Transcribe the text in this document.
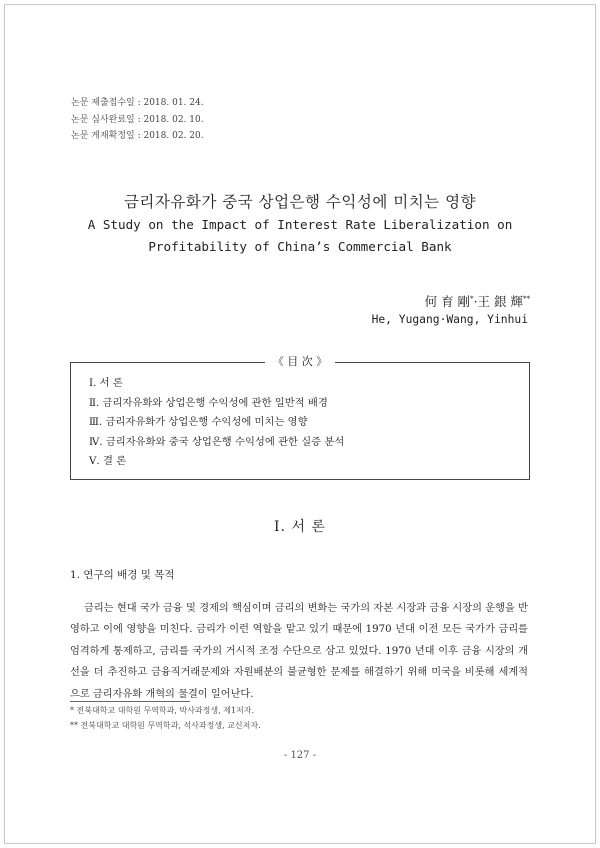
논문 제출접수일 : 2018. 01. 24.
논문 심사완료일 : 2018. 02. 10.
논문 게재확정일 : 2018. 02. 20.
금리자유화가 중국 상업은행 수익성에 미치는 영향
A Study on the Impact of Interest Rate Liberalization on Profitability of China’s Commercial Bank
何 育 剛*·王 銀 輝**
He, Yugang·Wang, Yinhui
《 目 次 》
Ⅰ. 서 론
Ⅱ. 금리자유화와 상업은행 수익성에 관한 일반적 배경
Ⅲ. 금리자유화가 상업은행 수익성에 미치는 영향
Ⅳ. 금리자유화와 중국 상업은행 수익성에 관한 실증 분석
Ⅴ. 결 론
Ⅰ. 서 론
1. 연구의 배경 및 목적
금리는 현대 국가 금융 및 경제의 핵심이며 금리의 변화는 국가의 자본 시장과 금융 시장의 운행을 반영하고 이에 영향을 미친다. 금리가 이런 역할을 맡고 있기 때문에 1970 년대 이전 모든 국가가 금리를 엄격하게 통제하고, 금리를 국가의 거시적 조정 수단으로 삼고 있었다. 1970 년대 이후 금융 시장의 개선을 더 추진하고 금융직거래문제와 자원배분의 불균형한 문제를 해결하기 위해 미국을 비롯해 세계적으로 금리자유화 개혁의 물결이 일어난다.
* 전북대학교 대학원 무역학과, 박사과정생, 제1저자.
** 전북대학교 대학원 무역학과, 석사과정생, 교신저자.
- 127 -
